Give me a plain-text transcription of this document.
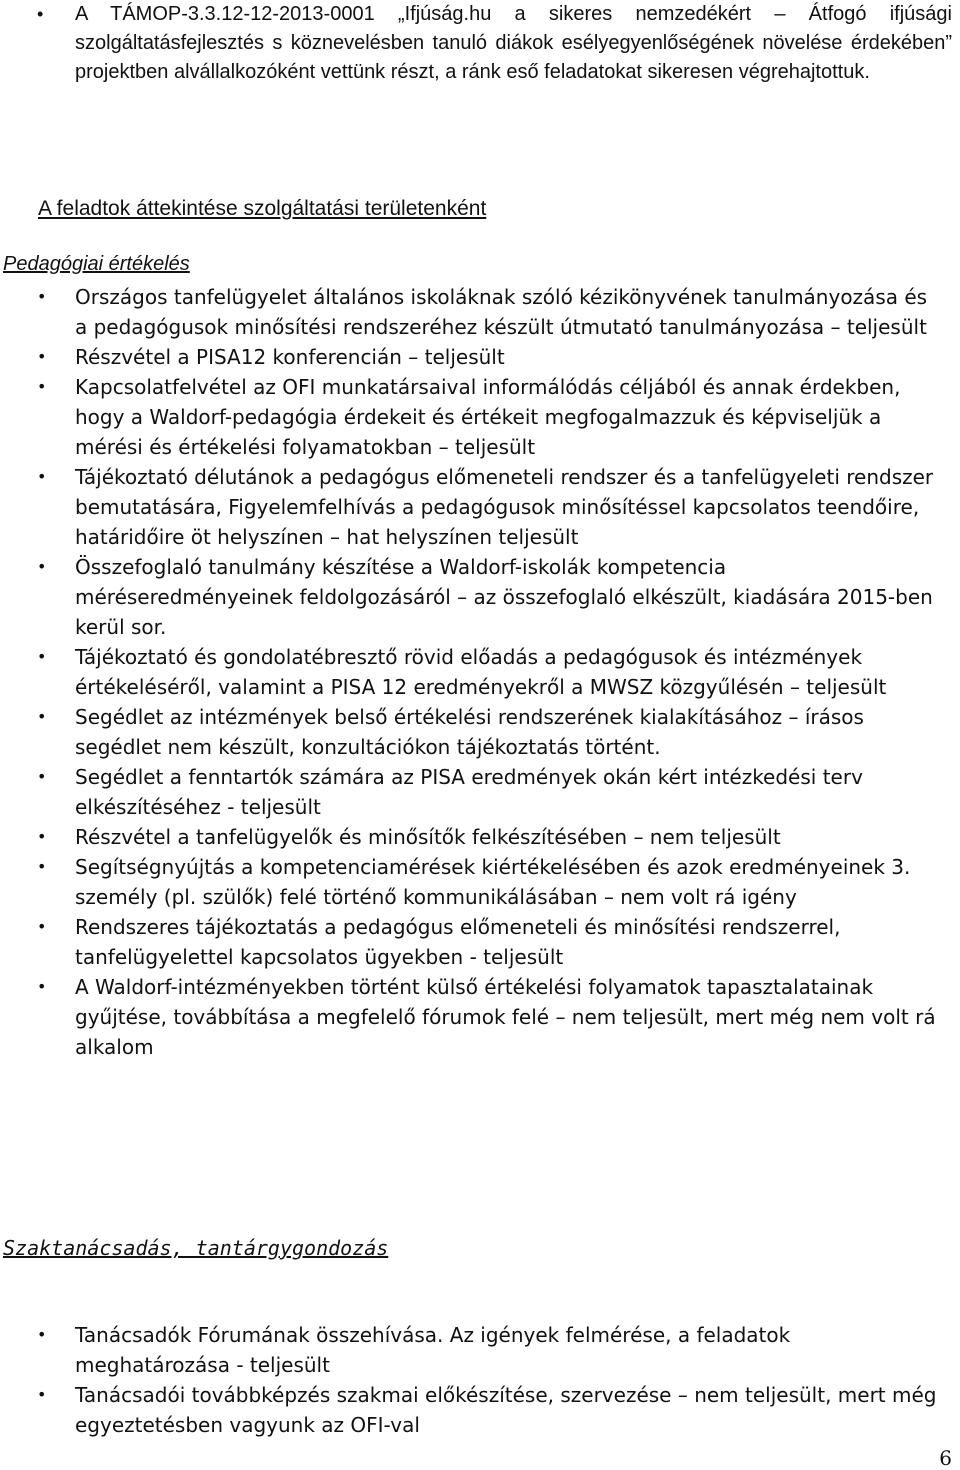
• A TÁMOP-3.3.12-12-2013-0001 „Ifjúság.hu a sikeres nemzedékért – Átfogó ifjúsági szolgáltatásfejlesztés s köznevelésben tanuló diákok esélyegyenlőségének növelése érdekében” projektben alvállalkozóként vettünk részt, a ránk eső feladatokat sikeresen végrehajtottuk.
A feladtok áttekintése szolgáltatási területenként
Pedagógiai értékelés
• Országos tanfelügyelet általános iskoláknak szóló kézikönyvének tanulmányozása és a pedagógusok minősítési rendszeréhez készült útmutató tanulmányozása – teljesült
• Részvétel a PISA12 konferencián – teljesült
• Kapcsolatfelvétel az OFI munkatársaival informálódás céljából és annak érdekben, hogy a Waldorf-pedagógia érdekeit és értékeit megfogalmazzuk és képviseljük a mérési és értékelési folyamatokban – teljesült
• Tájékoztató délutánok a pedagógus előmeneteli rendszer és a tanfelügyeleti rendszer bemutatására, Figyelemfelhívás a pedagógusok minősítéssel kapcsolatos teendőire, határidőire öt helyszínen – hat helyszínen teljesült
• Összefoglaló tanulmány készítése a Waldorf-iskolák kompetencia méréseredményeinek feldolgozásáról – az összefoglaló elkészült, kiadására 2015-ben kerül sor.
• Tájékoztató és gondolatébresztő rövid előadás a pedagógusok és intézmények értékeléséről, valamint a PISA 12 eredményekről a MWSZ közgyűlésén – teljesült
• Segédlet az intézmények belső értékelési rendszerének kialakításához – írásos segédlet nem készült, konzultációkon tájékoztatás történt.
• Segédlet a fenntartók számára az PISA eredmények okán kért intézkedési terv elkészítéséhez - teljesült
• Részvétel a tanfelügyelők és minősítők felkészítésében – nem teljesült
• Segítségnyújtás a kompetenciamérések kiértékelésében és azok eredményeinek 3. személy (pl. szülők) felé történő kommunikálásában – nem volt rá igény
• Rendszeres tájékoztatás a pedagógus előmeneteli és minősítési rendszerrel, tanfelügyelettel kapcsolatos ügyekben - teljesült
• A Waldorf-intézményekben történt külső értékelési folyamatok tapasztalatainak gyűjtése, továbbítása a megfelelő fórumok felé – nem teljesült, mert még nem volt rá alkalom
Szaktanácsadás, tantárgygondozás
• Tanácsadók Fórumának összehívása. Az igények felmérése, a feladatok meghatározása - teljesült
• Tanácsadói továbbképzés szakmai előkészítése, szervezése – nem teljesült, mert még egyeztetésben vagyunk az OFI-val
6
